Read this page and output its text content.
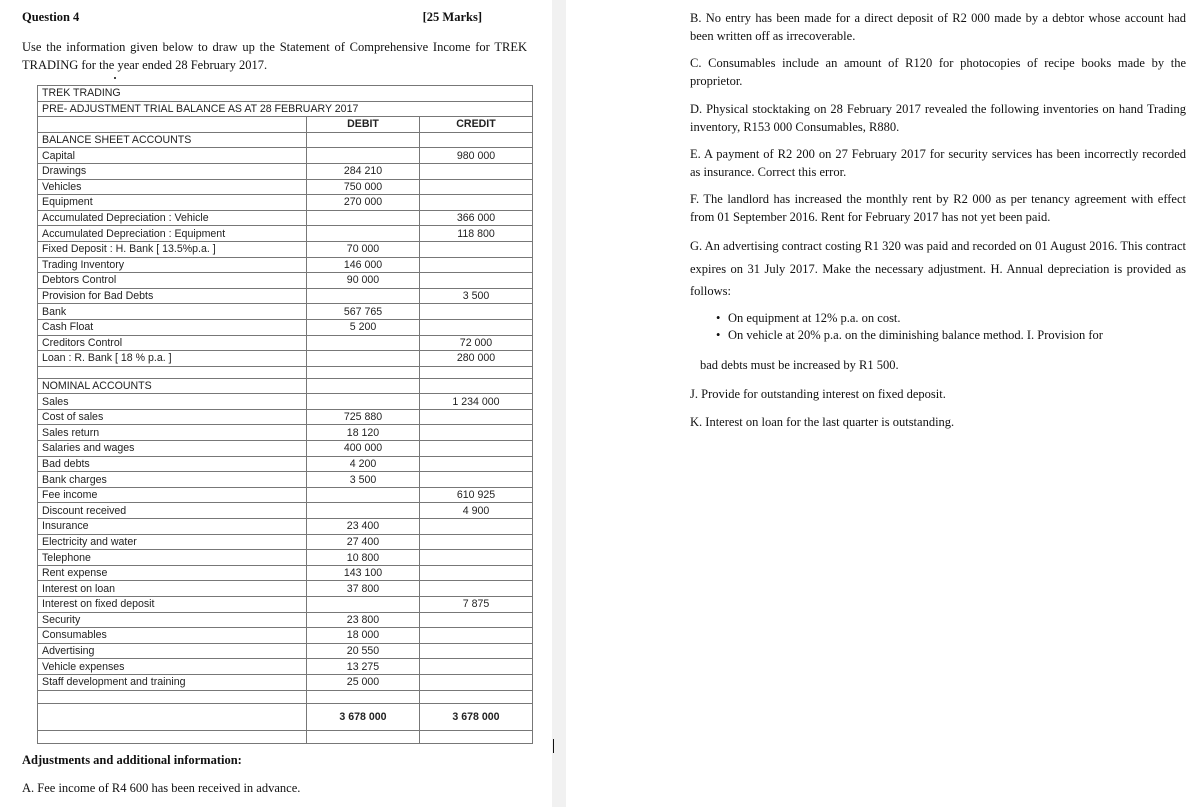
Question 4	[25 Marks]
Use the information given below to draw up the Statement of Comprehensive Income for TREK TRADING for the year ended 28 February 2017.
TREK TRADING		
PRE- ADJUSTMENT TRIAL BALANCE AS AT 28 FEBRUARY 2017		
	DEBIT	CREDIT
BALANCE SHEET ACCOUNTS		
Capital		980 000
Drawings	284 210	
Vehicles	750 000	
Equipment	270 000	
Accumulated Depreciation : Vehicle		366 000
Accumulated Depreciation : Equipment		118 800
Fixed Deposit : H. Bank [ 13.5%p.a. ]	70 000	
Trading Inventory	146 000	
Debtors Control	90 000	
Provision for Bad Debts		3 500
Bank	567 765	
Cash Float	5 200	
Creditors Control		72 000
Loan : R. Bank [ 18 % p.a. ]		280 000

NOMINAL ACCOUNTS		
Sales		1 234 000
Cost of sales	725 880	
Sales return	18 120	
Salaries and wages	400 000	
Bad debts	4 200	
Bank charges	3 500	
Fee income		610 925
Discount received		4 900
Insurance	23 400	
Electricity and water	27 400	
Telephone	10 800	
Rent expense	143 100	
Interest on loan	37 800	
Interest on fixed deposit		7 875
Security	23 800	
Consumables	18 000	
Advertising	20 550	
Vehicle expenses	13 275	
Staff development and training	25 000	

	3 678 000	3 678 000

Adjustments and additional information:
A. Fee income of R4 600 has been received in advance.
B. No entry has been made for a direct deposit of R2 000 made by a debtor whose account had been written off as irrecoverable.
C. Consumables include an amount of R120 for photocopies of recipe books made by the proprietor.
D. Physical stocktaking on 28 February 2017 revealed the following inventories on hand Trading inventory, R153 000 Consumables, R880.
E. A payment of R2 200 on 27 February 2017 for security services has been incorrectly recorded as insurance. Correct this error.
F. The landlord has increased the monthly rent by R2 000 as per tenancy agreement with effect from 01 September 2016. Rent for February 2017 has not yet been paid.
G. An advertising contract costing R1 320 was paid and recorded on 01 August 2016. This contract expires on 31 July 2017. Make the necessary adjustment. H. Annual depreciation is provided as follows:
• On equipment at 12% p.a. on cost.
• On vehicle at 20% p.a. on the diminishing balance method. I. Provision for
bad debts must be increased by R1 500.
J. Provide for outstanding interest on fixed deposit.
K. Interest on loan for the last quarter is outstanding.
